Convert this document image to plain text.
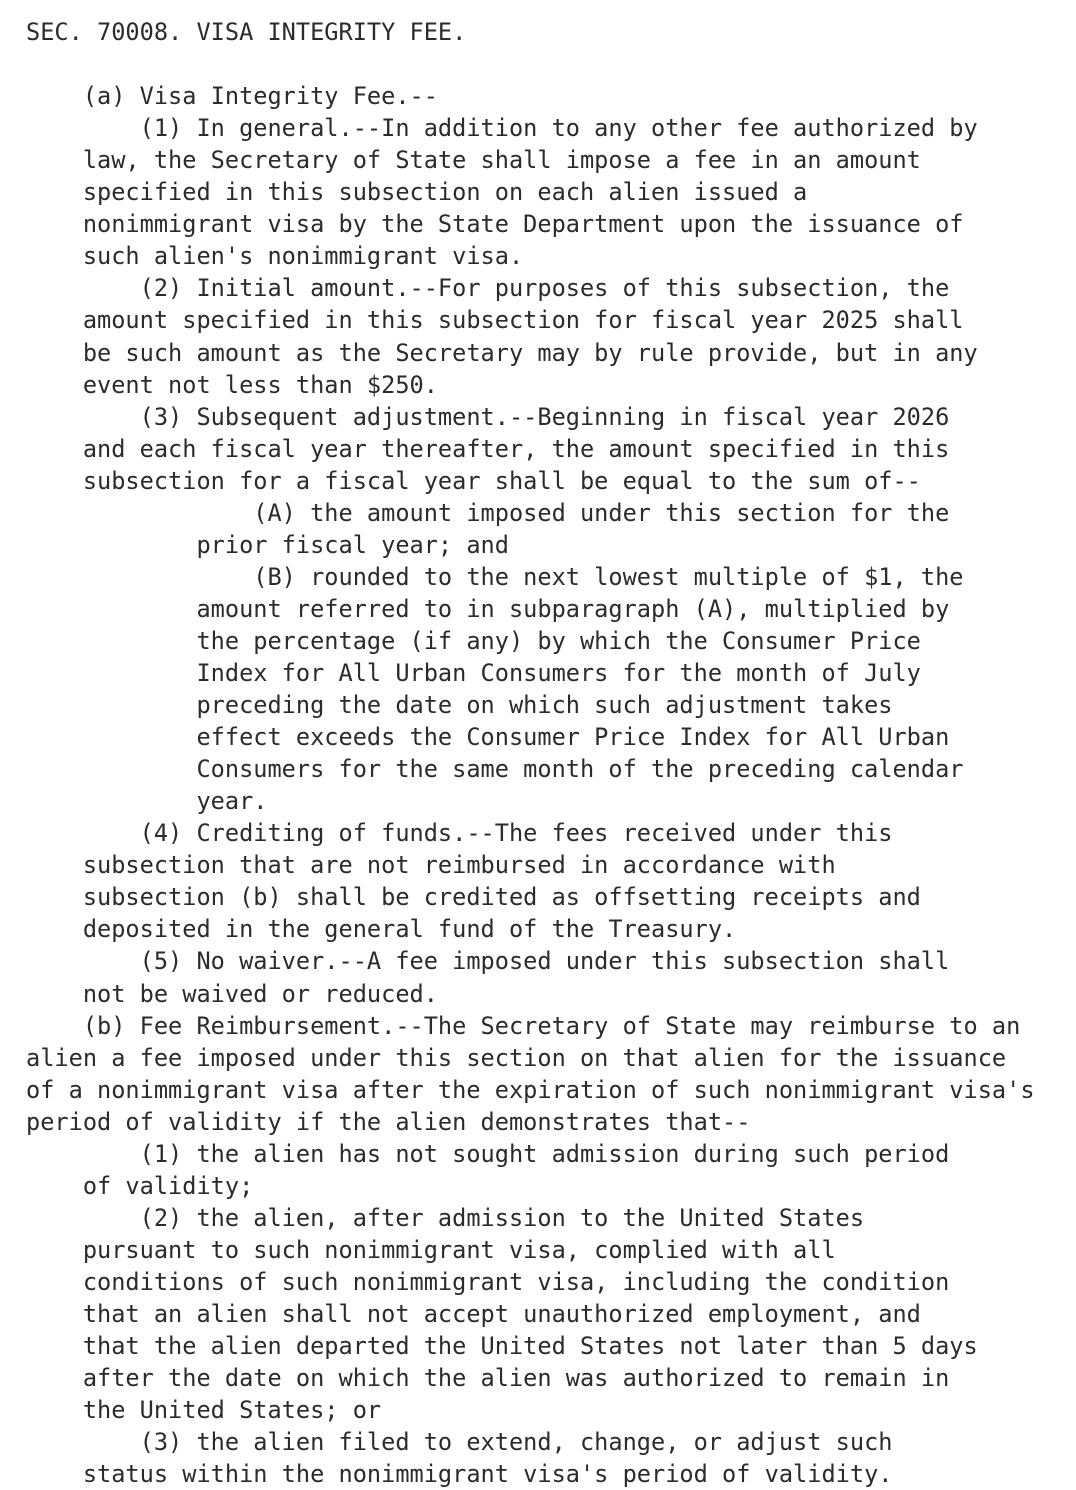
SEC. 70008. VISA INTEGRITY FEE.
(a) Visa Integrity Fee.--
(1) In general.--In addition to any other fee authorized by
law, the Secretary of State shall impose a fee in an amount
specified in this subsection on each alien issued a
nonimmigrant visa by the State Department upon the issuance of
such alien's nonimmigrant visa.
(2) Initial amount.--For purposes of this subsection, the
amount specified in this subsection for fiscal year 2025 shall
be such amount as the Secretary may by rule provide, but in any
event not less than $250.
(3) Subsequent adjustment.--Beginning in fiscal year 2026
and each fiscal year thereafter, the amount specified in this
subsection for a fiscal year shall be equal to the sum of--
(A) the amount imposed under this section for the
prior fiscal year; and
(B) rounded to the next lowest multiple of $1, the
amount referred to in subparagraph (A), multiplied by
the percentage (if any) by which the Consumer Price
Index for All Urban Consumers for the month of July
preceding the date on which such adjustment takes
effect exceeds the Consumer Price Index for All Urban
Consumers for the same month of the preceding calendar
year.
(4) Crediting of funds.--The fees received under this
subsection that are not reimbursed in accordance with
subsection (b) shall be credited as offsetting receipts and
deposited in the general fund of the Treasury.
(5) No waiver.--A fee imposed under this subsection shall
not be waived or reduced.
(b) Fee Reimbursement.--The Secretary of State may reimburse to an
alien a fee imposed under this section on that alien for the issuance
of a nonimmigrant visa after the expiration of such nonimmigrant visa's
period of validity if the alien demonstrates that--
(1) the alien has not sought admission during such period
of validity;
(2) the alien, after admission to the United States
pursuant to such nonimmigrant visa, complied with all
conditions of such nonimmigrant visa, including the condition
that an alien shall not accept unauthorized employment, and
that the alien departed the United States not later than 5 days
after the date on which the alien was authorized to remain in
the United States; or
(3) the alien filed to extend, change, or adjust such
status within the nonimmigrant visa's period of validity.
